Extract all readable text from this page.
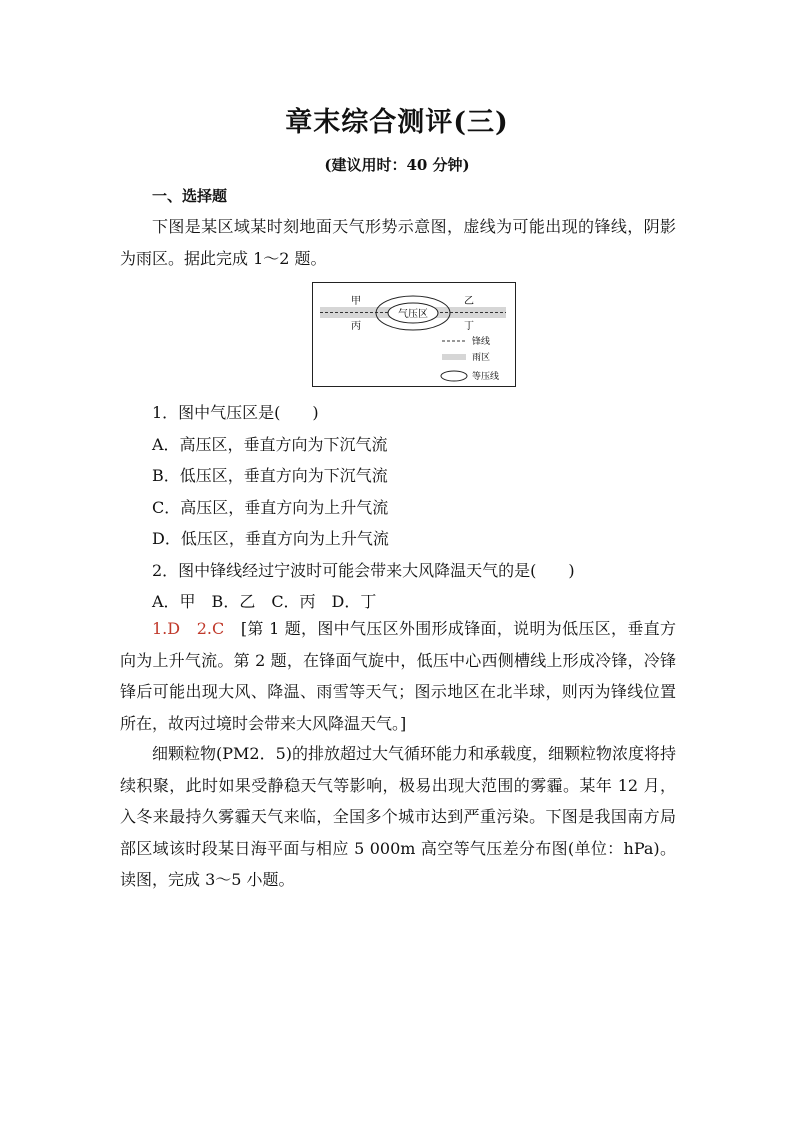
章末综合测评(三)
(建议用时：40 分钟)
一、选择题

下图是某区域某时刻地面天气形势示意图，虚线为可能出现的锋线，阴影为雨区。据此完成 1～2 题。

气压区
甲	乙
丙	丁
锋线
雨区
等压线
1．图中气压区是(　　)
A．高压区，垂直方向为下沉气流
B．低压区，垂直方向为下沉气流
C．高压区，垂直方向为上升气流
D．低压区，垂直方向为上升气流
2．图中锋线经过宁波时可能会带来大风降温天气的是(　　)
A．甲　B．乙　C．丙　D．丁

1.D　2.C　 [第 1 题，图中气压区外围形成锋面，说明为低压区，垂直方向为上升气流。第 2 题，在锋面气旋中，低压中心西侧槽线上形成冷锋，冷锋锋后可能出现大风、降温、雨雪等天气；图示地区在北半球，则丙为锋线位置所在，故丙过境时会带来大风降温天气。]

细颗粒物(PM2．5)的排放超过大气循环能力和承载度，细颗粒物浓度将持续积聚，此时如果受静稳天气等影响，极易出现大范围的雾霾。某年 12 月，入冬来最持久雾霾天气来临，全国多个城市达到严重污染。下图是我国南方局部区域该时段某日海平面与相应 5 000m 高空等气压差分布图(单位：hPa)。读图，完成 3～5 小题。
